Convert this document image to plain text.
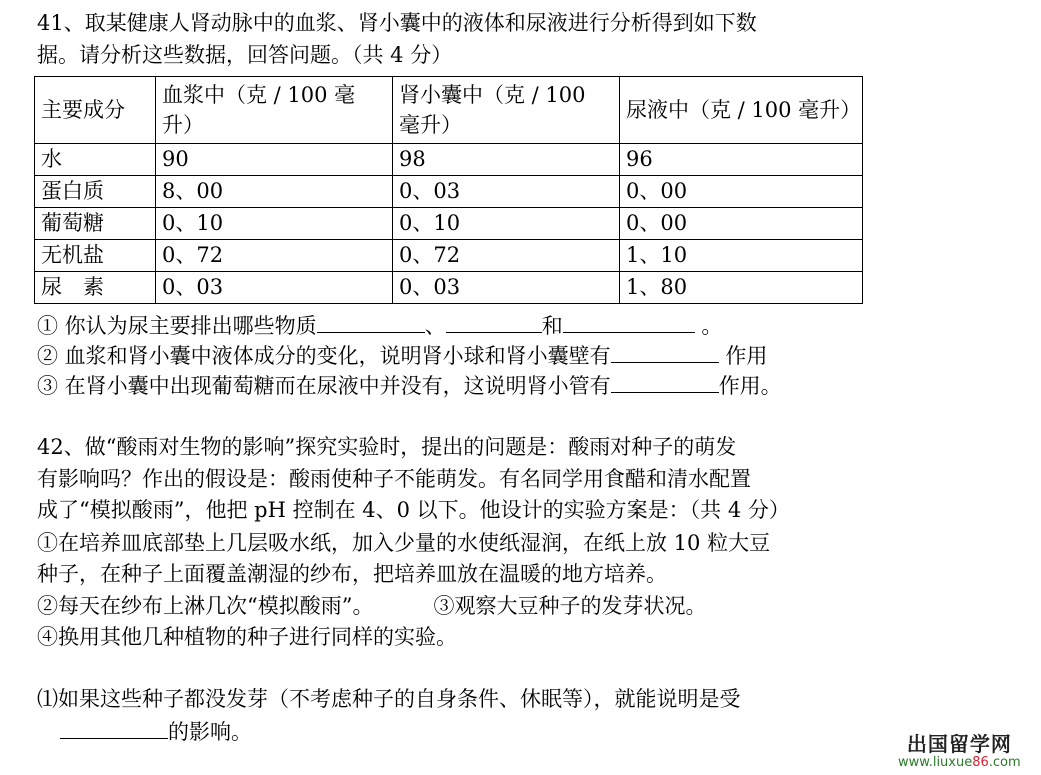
41、取某健康人肾动脉中的血浆、肾小囊中的液体和尿液进行分析得到如下数
据。请分析这些数据，回答问题。（共 4 分）
主要成分	血浆中（克 / 100 毫升）	肾小囊中（克 / 100 毫升）	尿液中（克 / 100 毫升）
水	90	98	96
蛋白质	8、00	0、03	0、00
葡萄糖	0、10	0、10	0、00
无机盐	0、72	0、72	1、10
尿　素	0、03	0、03	1、80
① 你认为尿主要排出哪些物质	、	和	。
② 血浆和肾小囊中液体成分的变化，说明肾小球和肾小囊壁有	作用
③ 在肾小囊中出现葡萄糖而在尿液中并没有，这说明肾小管有	作用。
42、做“酸雨对生物的影响”探究实验时，提出的问题是：酸雨对种子的萌发
有影响吗？作出的假设是：酸雨使种子不能萌发。有名同学用食醋和清水配置
成了“模拟酸雨”，他把 pH 控制在 4、0 以下。他设计的实验方案是：（共 4 分）
①在培养皿底部垫上几层吸水纸，加入少量的水使纸湿润，在纸上放 10 粒大豆
种子，在种子上面覆盖潮湿的纱布，把培养皿放在温暖的地方培养。
②每天在纱布上淋几次“模拟酸雨”。	③观察大豆种子的发芽状况。
④换用其他几种植物的种子进行同样的实验。
⑴如果这些种子都没发芽（不考虑种子的自身条件、休眠等），就能说明是受
的影响。	出国留学网
www.liuxue86.com
